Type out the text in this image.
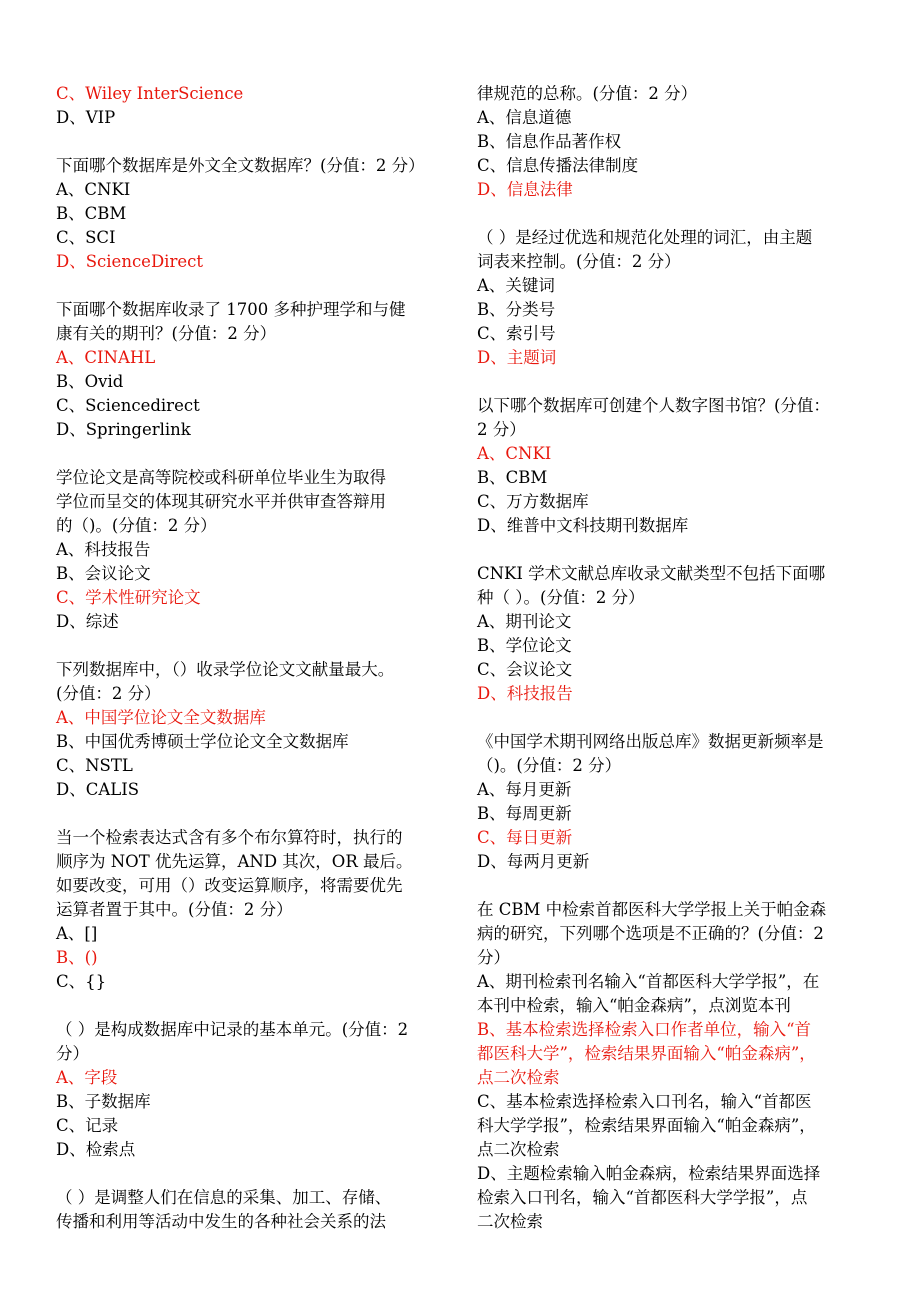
C、Wiley InterScience
D、VIP
下面哪个数据库是外文全文数据库？(分值：2 分）
A、CNKI
B、CBM
C、SCI
D、ScienceDirect
下面哪个数据库收录了 1700 多种护理学和与健
康有关的期刊？(分值：2 分）
A、CINAHL
B、Ovid
C、Sciencedirect
D、Springerlink
学位论文是高等院校或科研单位毕业生为取得
学位而呈交的体现其研究水平并供审查答辩用
的（)。(分值：2 分）
A、科技报告
B、会议论文
C、学术性研究论文
D、综述
下列数据库中，（）收录学位论文文献量最大。
(分值：2 分）
A、中国学位论文全文数据库
B、中国优秀博硕士学位论文全文数据库
C、NSTL
D、CALIS
当一个检索表达式含有多个布尔算符时，执行的
顺序为 NOT 优先运算，AND 其次，OR 最后。
如要改变，可用（）改变运算顺序，将需要优先
运算者置于其中。(分值：2 分）
A、[]
B、()
C、{}
（ ）是构成数据库中记录的基本单元。(分值：2
分）
A、字段
B、子数据库
C、记录
D、检索点
（ ）是调整人们在信息的采集、加工、存储、
传播和利用等活动中发生的各种社会关系的法
律规范的总称。(分值：2 分）
A、信息道德
B、信息作品著作权
C、信息传播法律制度
D、信息法律
（ ）是经过优选和规范化处理的词汇，由主题
词表来控制。(分值：2 分）
A、关键词
B、分类号
C、索引号
D、主题词
以下哪个数据库可创建个人数字图书馆？(分值：
2 分）
A、CNKI
B、CBM
C、万方数据库
D、维普中文科技期刊数据库
CNKI 学术文献总库收录文献类型不包括下面哪
种（ ）。(分值：2 分）
A、期刊论文
B、学位论文
C、会议论文
D、科技报告
《中国学术期刊网络出版总库》数据更新频率是
（)。(分值：2 分）
A、每月更新
B、每周更新
C、每日更新
D、每两月更新
在 CBM 中检索首都医科大学学报上关于帕金森
病的研究，下列哪个选项是不正确的？(分值：2
分）
A、期刊检索刊名输入“首都医科大学学报”，在
本刊中检索，输入“帕金森病”，点浏览本刊
B、基本检索选择检索入口作者单位，输入“首
都医科大学”，检索结果界面输入“帕金森病”，
点二次检索
C、基本检索选择检索入口刊名，输入“首都医
科大学学报”，检索结果界面输入“帕金森病”，
点二次检索
D、主题检索输入帕金森病，检索结果界面选择
检索入口刊名，输入“首都医科大学学报”，点
二次检索
